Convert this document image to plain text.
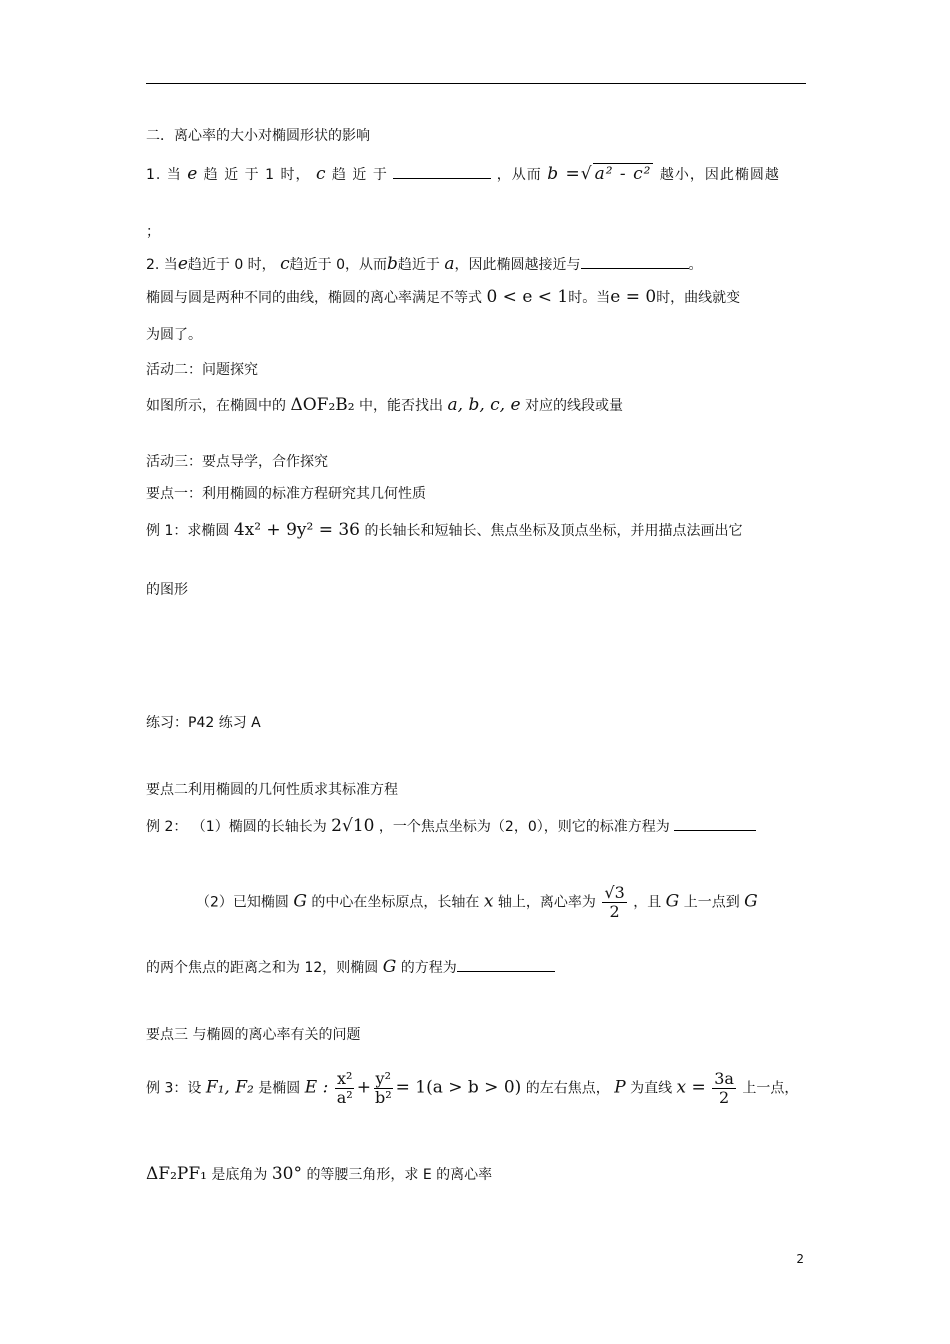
二．离心率的大小对椭圆形状的影响
1. 当 e 趋 近 于 1 时， c 趋 近 于	，从而 b =√ a² - c² 越小，因此椭圆越
；
2. 当e趋近于 0 时， c趋近于 0，从而b趋近于 a，因此椭圆越接近与	。
椭圆与圆是两种不同的曲线，椭圆的离心率满足不等式 0 < e < 1时。当e = 0时，曲线就变
为圆了。
活动二：问题探究
如图所示，在椭圆中的 ΔOF₂B₂ 中，能否找出 a, b, c, e 对应的线段或量
活动三：要点导学，合作探究
要点一：利用椭圆的标准方程研究其几何性质
例 1：求椭圆 4x² + 9y² = 36 的长轴长和短轴长、焦点坐标及顶点坐标，并用描点法画出它
的图形
练习：P42 练习 A
要点二利用椭圆的几何性质求其标准方程
例 2： （1）椭圆的长轴长为 2√10 ，一个焦点坐标为（2，0），则它的标准方程为
（2）已知椭圆 G 的中心在坐标原点，长轴在 x 轴上，离心率为 $\frac{√3}{2}$ ，且 G 上一点到 G
的两个焦点的距离之和为 12，则椭圆 G 的方程为
要点三 与椭圆的离心率有关的问题
例 3：设 F₁, F₂ 是椭圆 E : $\frac{\text{x²}}{\text{a²}} + \frac{\text{y²}}{\text{b²}} = 1(a > b > 0)$ 的左右焦点， P 为直线 $x = \frac{3a}{2}$ 上一点，
ΔF₂PF₁ 是底角为 30° 的等腰三角形，求 E 的离心率
2
